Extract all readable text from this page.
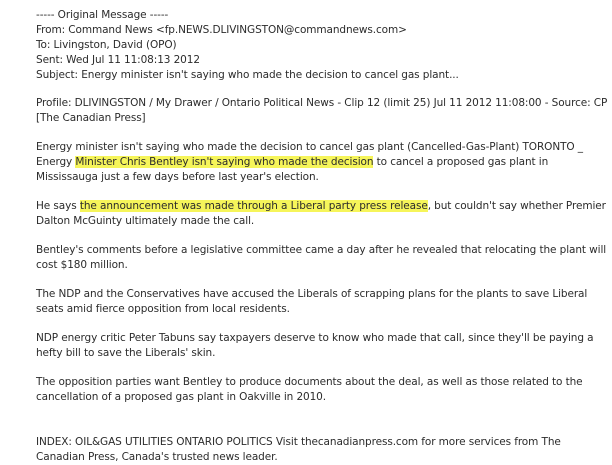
----- Original Message -----
From: Command News <fp.NEWS.DLIVINGSTON@commandnews.com>
To: Livingston, David (OPO)
Sent: Wed Jul 11 11:08:13 2012
Subject: Energy minister isn't saying who made the decision to cancel gas plant...
Profile: DLIVINGSTON / My Drawer / Ontario Political News - Clip 12 (limit 25) Jul 11 2012 11:08:00 - Source: CP [The Canadian Press]
Energy minister isn't saying who made the decision to cancel gas plant (Cancelled-Gas-Plant) TORONTO _ Energy Minister Chris Bentley isn't saying who made the decision to cancel a proposed gas plant in Mississauga just a few days before last year's election.
He says the announcement was made through a Liberal party press release, but couldn't say whether Premier Dalton McGuinty ultimately made the call.
Bentley's comments before a legislative committee came a day after he revealed that relocating the plant will cost $180 million.
The NDP and the Conservatives have accused the Liberals of scrapping plans for the plants to save Liberal seats amid fierce opposition from local residents.
NDP energy critic Peter Tabuns say taxpayers deserve to know who made that call, since they'll be paying a hefty bill to save the Liberals' skin.
The opposition parties want Bentley to produce documents about the deal, as well as those related to the cancellation of a proposed gas plant in Oakville in 2010.
INDEX: OIL&GAS UTILITIES ONTARIO POLITICS Visit thecanadianpress.com for more services from The Canadian Press, Canada's trusted news leader.
